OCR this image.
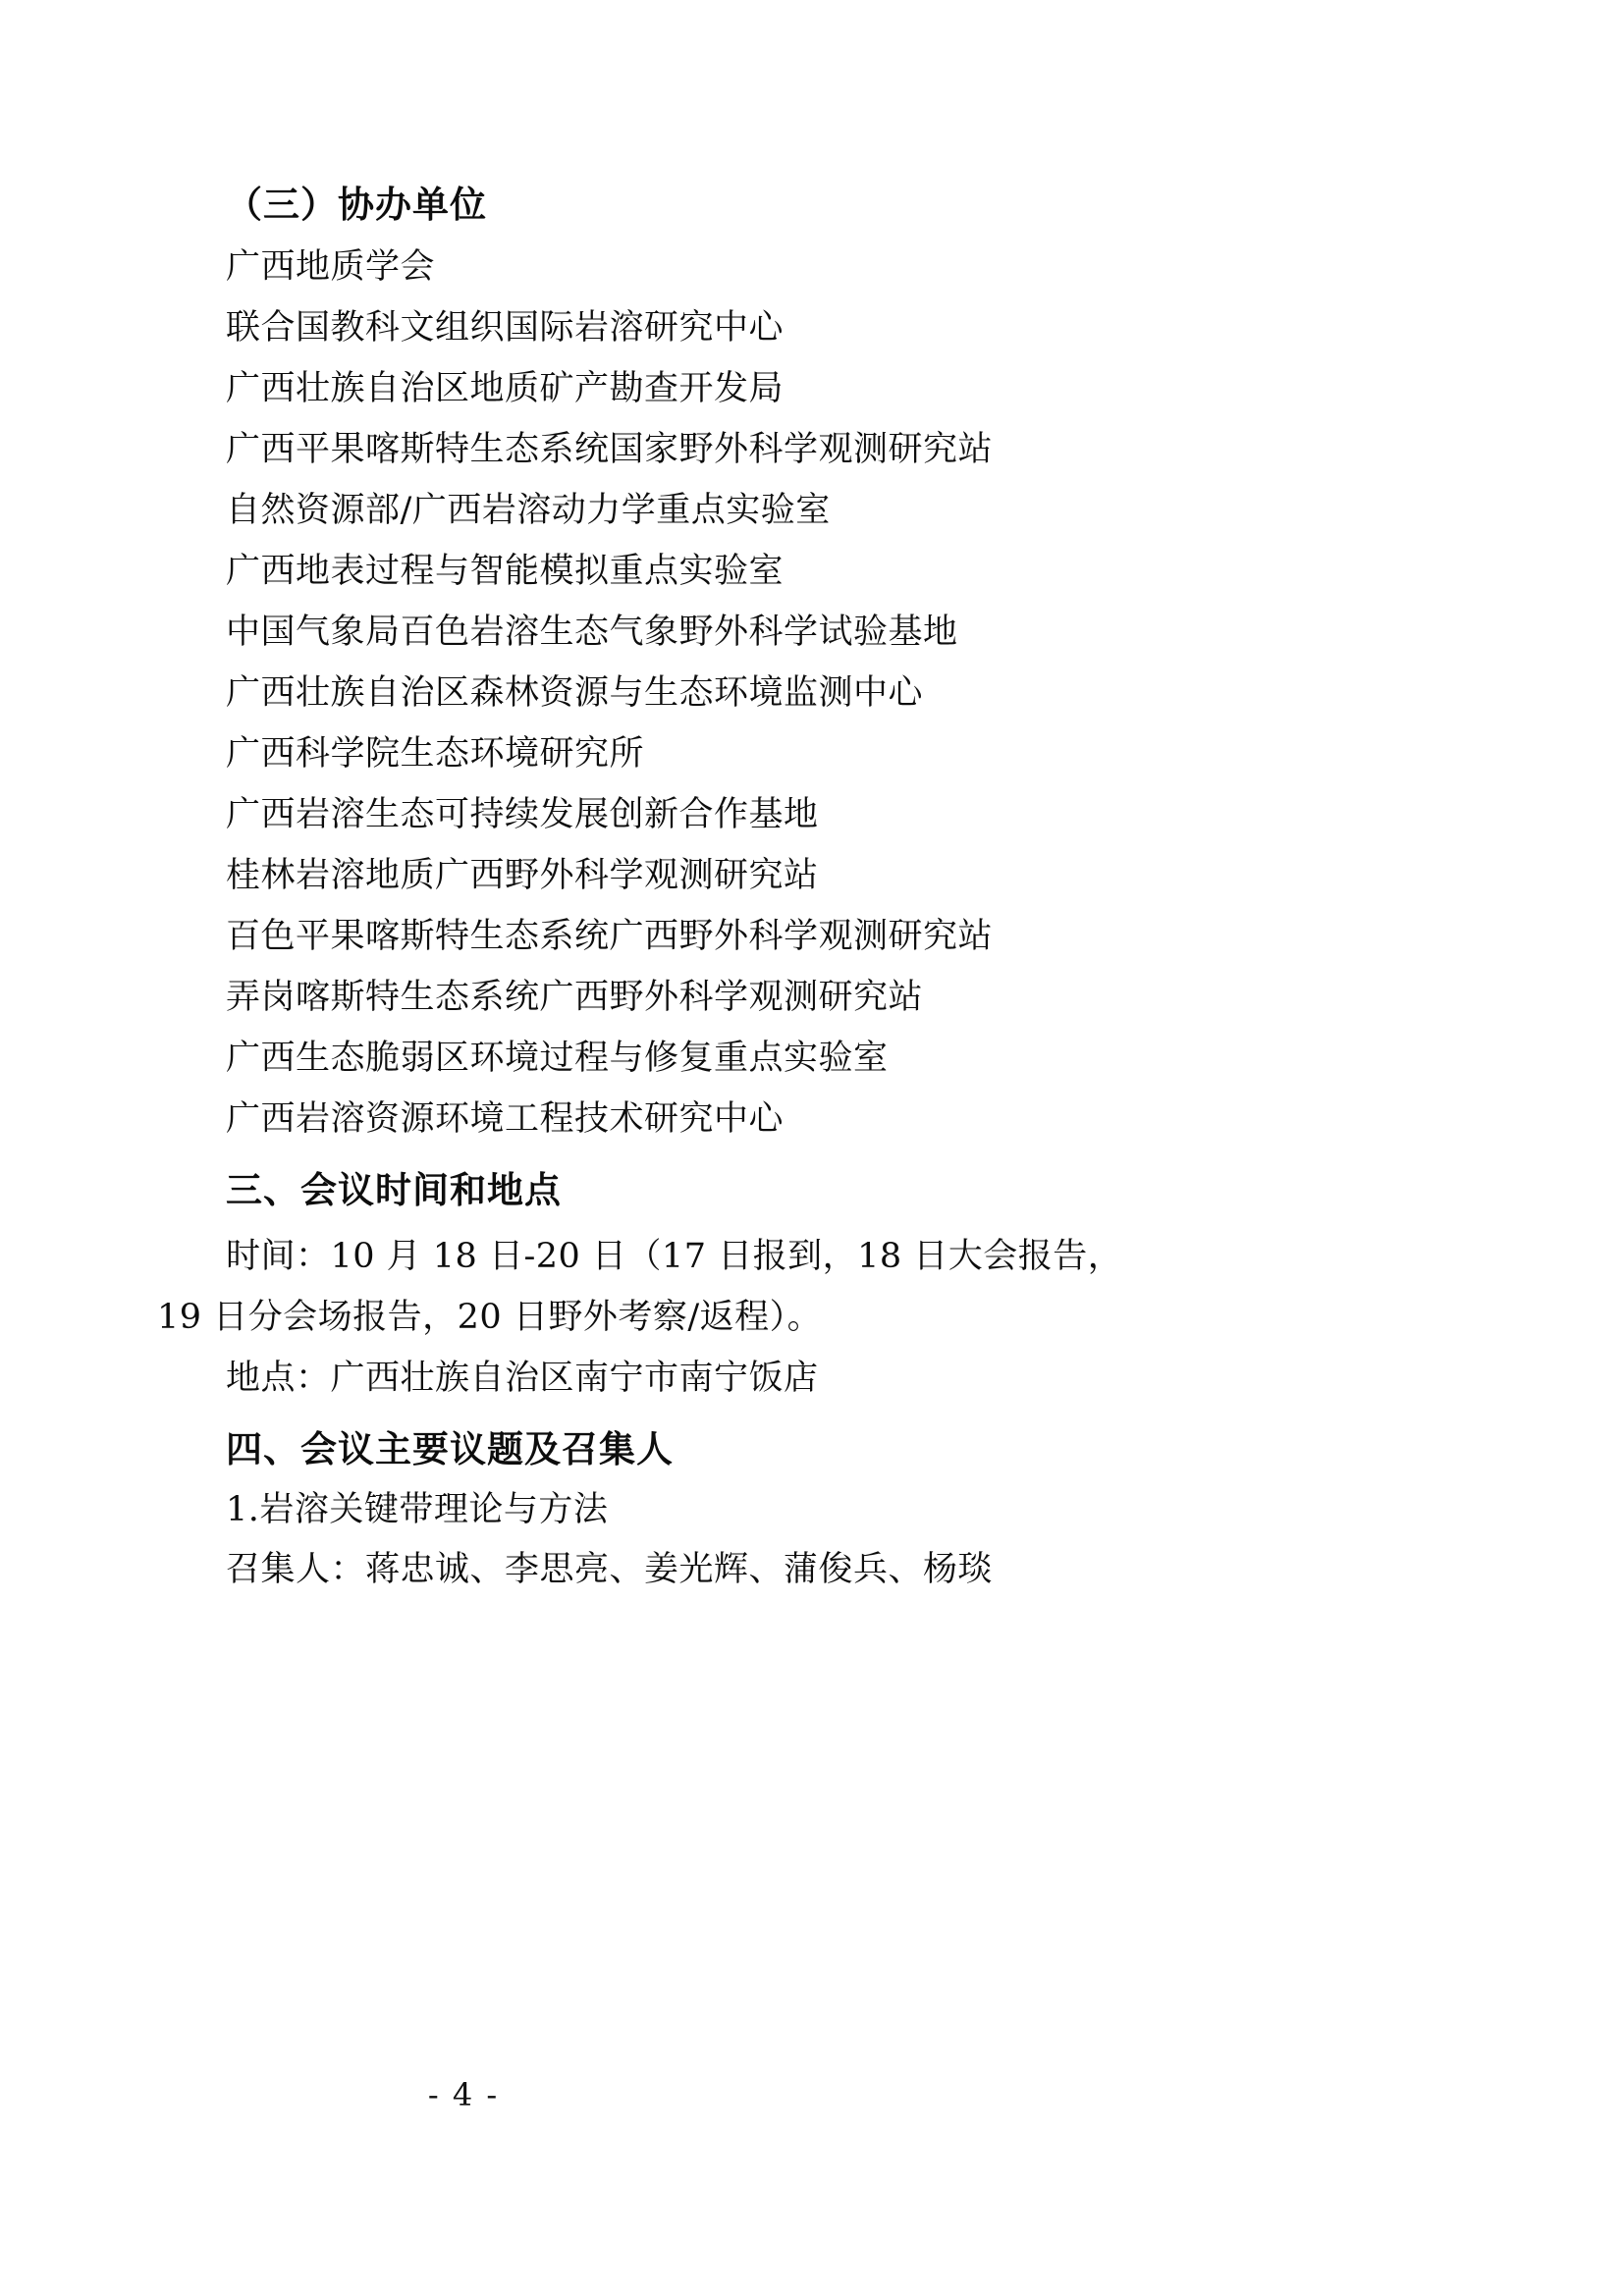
（三）协办单位
广西地质学会
联合国教科文组织国际岩溶研究中心
广西壮族自治区地质矿产勘查开发局
广西平果喀斯特生态系统国家野外科学观测研究站
自然资源部/广西岩溶动力学重点实验室
广西地表过程与智能模拟重点实验室
中国气象局百色岩溶生态气象野外科学试验基地
广西壮族自治区森林资源与生态环境监测中心
广西科学院生态环境研究所
广西岩溶生态可持续发展创新合作基地
桂林岩溶地质广西野外科学观测研究站
百色平果喀斯特生态系统广西野外科学观测研究站
弄岗喀斯特生态系统广西野外科学观测研究站
广西生态脆弱区环境过程与修复重点实验室
广西岩溶资源环境工程技术研究中心
三、会议时间和地点
时间：10 月 18 日-20 日（17 日报到，18 日大会报告，
19 日分会场报告，20 日野外考察/返程）。
地点：广西壮族自治区南宁市南宁饭店
四、会议主要议题及召集人
1.岩溶关键带理论与方法
召集人：蒋忠诚、李思亮、姜光辉、蒲俊兵、杨琰
- 4 -
